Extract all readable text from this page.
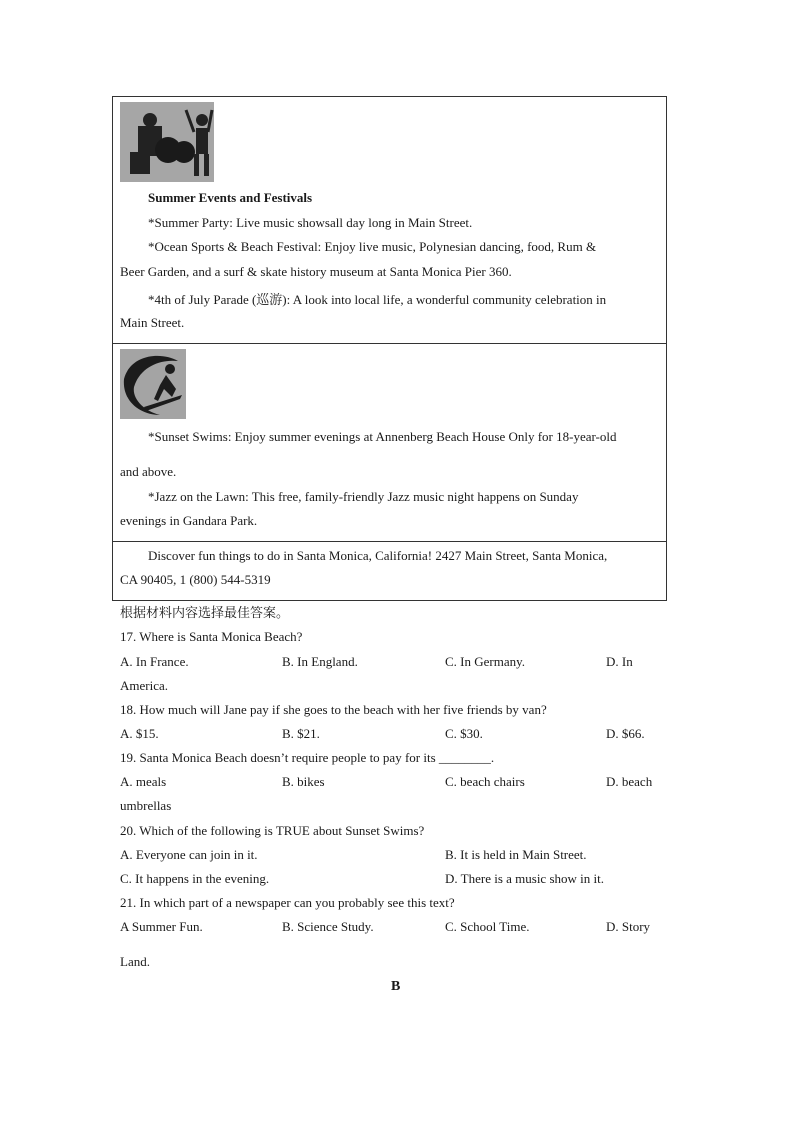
Summer Events and Festivals
*Summer Party: Live music showsall day long in Main Street.
*Ocean Sports & Beach Festival: Enjoy live music, Polynesian dancing, food, Rum &
Beer Garden, and a surf & skate history museum at Santa Monica Pier 360.
*4th of July Parade (巡游): A look into local life, a wonderful community celebration in
Main Street.
*Sunset Swims: Enjoy summer evenings at Annenberg Beach House Only for 18-year-old
and above.
*Jazz on the Lawn: This free, family-friendly Jazz music night happens on Sunday
evenings in Gandara Park.
Discover fun things to do in Santa Monica, California! 2427 Main Street, Santa Monica,
CA 90405, 1 (800) 544-5319
根据材料内容选择最佳答案。
17. Where is Santa Monica Beach?
A. In France.	B. In England.	C. In Germany.	D. In
America.
18. How much will Jane pay if she goes to the beach with her five friends by van?
A. $15.	B. $21.	C. $30.	D. $66.
19. Santa Monica Beach doesn’t require people to pay for its ________.
A. meals	B. bikes	C. beach chairs	D. beach
umbrellas
20. Which of the following is TRUE about Sunset Swims?
A. Everyone can join in it.	B. It is held in Main Street.
C. It happens in the evening.	D. There is a music show in it.
21. In which part of a newspaper can you probably see this text?
A Summer Fun.	B. Science Study.	C. School Time.	D. Story
Land.
B
